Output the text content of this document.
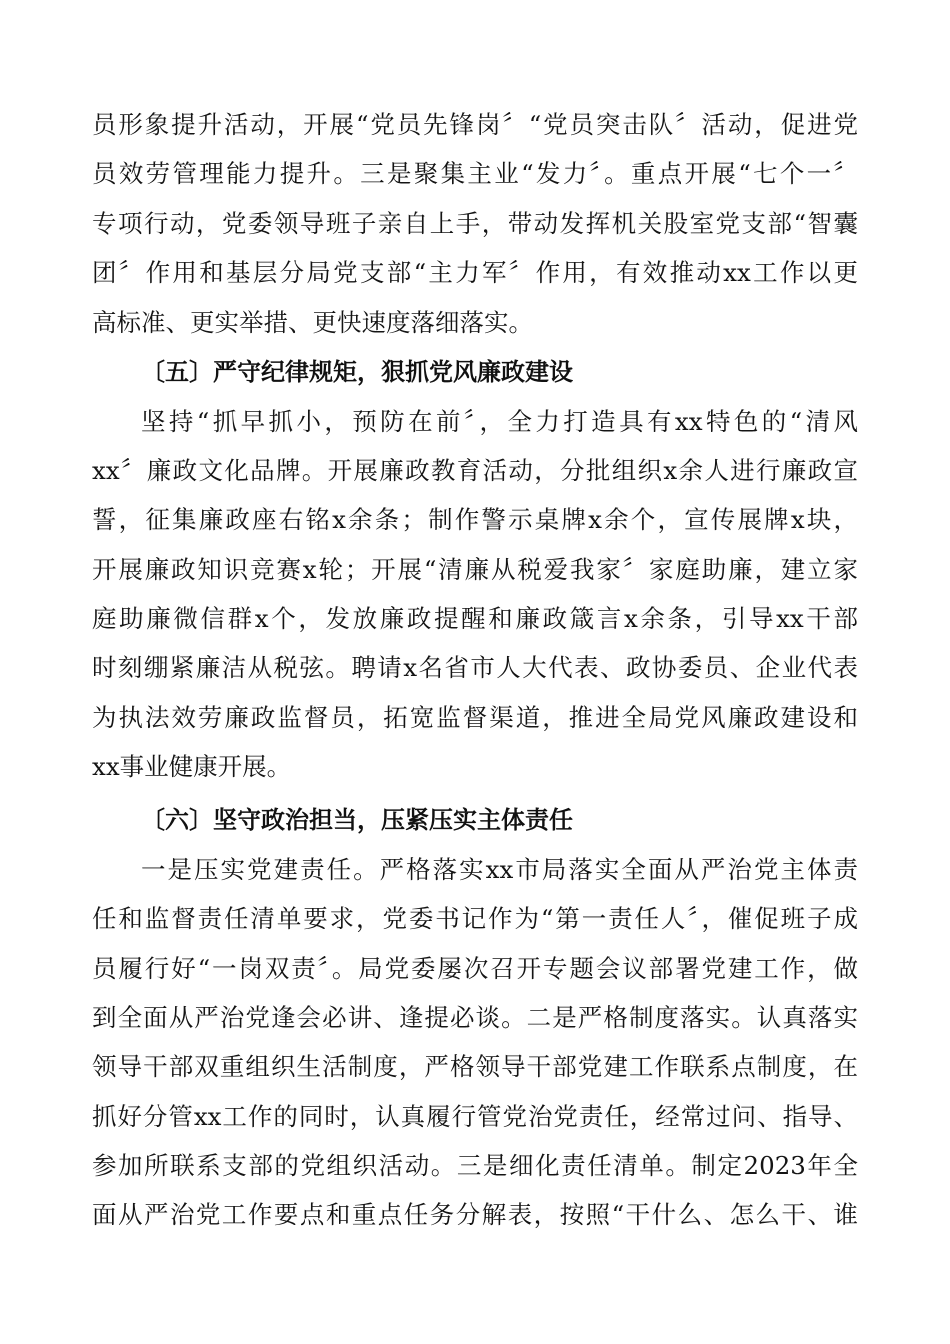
员形象提升活动，开展“党员先锋岗〞“党员突击队〞活动，促进党
员效劳管理能力提升。三是聚集主业“发力〞。重点开展“七个一〞
专项行动，党委领导班子亲自上手，带动发挥机关股室党支部“智囊
团〞作用和基层分局党支部“主力军〞作用，有效推动xx工作以更
高标准、更实举措、更快速度落细落实。
〔五〕严守纪律规矩，狠抓党风廉政建设
坚持“抓早抓小，预防在前〞，全力打造具有xx特色的“清风
xx〞廉政文化品牌。开展廉政教育活动，分批组织x余人进行廉政宣
誓，征集廉政座右铭x余条；制作警示桌牌x余个，宣传展牌x块，
开展廉政知识竞赛x轮；开展“清廉从税爱我家〞家庭助廉，建立家
庭助廉微信群x个，发放廉政提醒和廉政箴言x余条，引导xx干部
时刻绷紧廉洁从税弦。聘请x名省市人大代表、政协委员、企业代表
为执法效劳廉政监督员，拓宽监督渠道，推进全局党风廉政建设和
xx事业健康开展。
〔六〕坚守政治担当，压紧压实主体责任
一是压实党建责任。严格落实xx市局落实全面从严治党主体责
任和监督责任清单要求，党委书记作为“第一责任人〞，催促班子成
员履行好“一岗双责〞。局党委屡次召开专题会议部署党建工作，做
到全面从严治党逢会必讲、逢提必谈。二是严格制度落实。认真落实
领导干部双重组织生活制度，严格领导干部党建工作联系点制度，在
抓好分管xx工作的同时，认真履行管党治党责任，经常过问、指导、
参加所联系支部的党组织活动。三是细化责任清单。制定2023年全
面从严治党工作要点和重点任务分解表，按照“干什么、怎么干、谁
